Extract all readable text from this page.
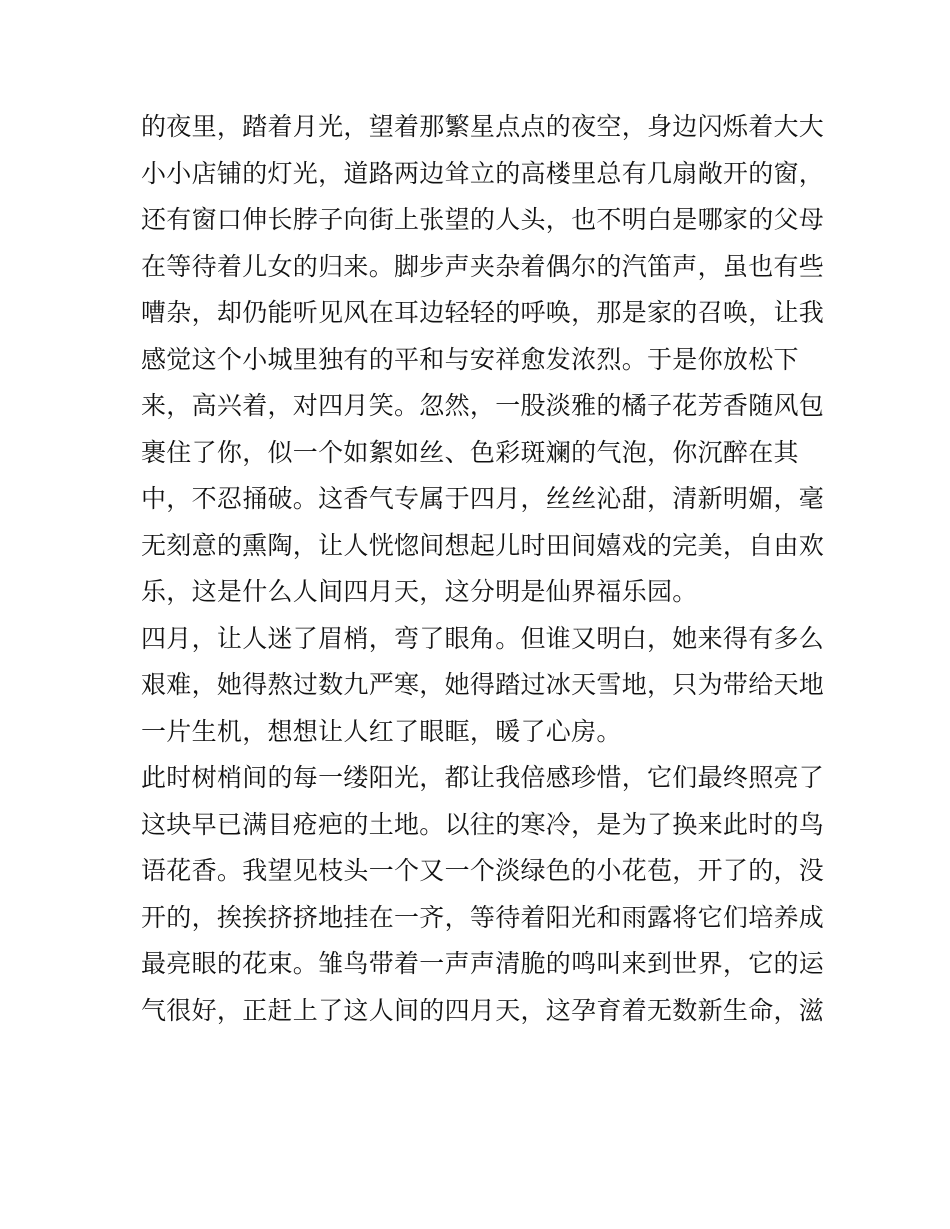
的夜里，踏着月光，望着那繁星点点的夜空，身边闪烁着大大
小小店铺的灯光，道路两边耸立的高楼里总有几扇敞开的窗，
还有窗口伸长脖子向街上张望的人头，也不明白是哪家的父母
在等待着儿女的归来。脚步声夹杂着偶尔的汽笛声，虽也有些
嘈杂，却仍能听见风在耳边轻轻的呼唤，那是家的召唤，让我
感觉这个小城里独有的平和与安祥愈发浓烈。于是你放松下
来，高兴着，对四月笑。忽然，一股淡雅的橘子花芳香随风包
裹住了你，似一个如絮如丝、色彩斑斓的气泡，你沉醉在其
中，不忍捅破。这香气专属于四月，丝丝沁甜，清新明媚，毫
无刻意的熏陶，让人恍惚间想起儿时田间嬉戏的完美，自由欢
乐，这是什么人间四月天，这分明是仙界福乐园。
四月，让人迷了眉梢，弯了眼角。但谁又明白，她来得有多么
艰难，她得熬过数九严寒，她得踏过冰天雪地，只为带给天地
一片生机，想想让人红了眼眶，暖了心房。
此时树梢间的每一缕阳光，都让我倍感珍惜，它们最终照亮了
这块早已满目疮疤的土地。以往的寒冷，是为了换来此时的鸟
语花香。我望见枝头一个又一个淡绿色的小花苞，开了的，没
开的，挨挨挤挤地挂在一齐，等待着阳光和雨露将它们培养成
最亮眼的花束。雏鸟带着一声声清脆的鸣叫来到世界，它的运
气很好，正赶上了这人间的四月天，这孕育着无数新生命，滋
